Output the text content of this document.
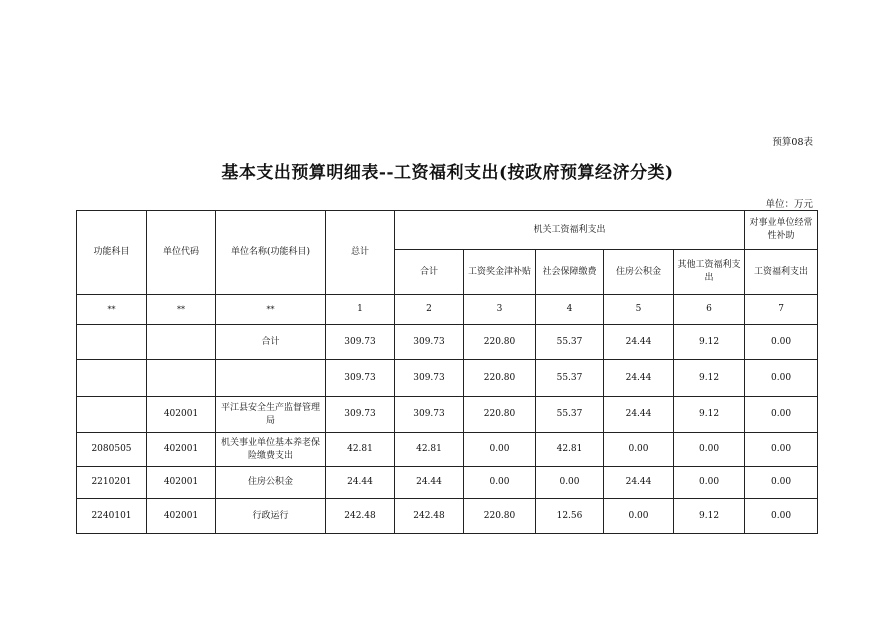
预算08表
基本支出预算明细表--工资福利支出(按政府预算经济分类)
单位：万元
功能科目	单位代码	单位名称(功能科目)	总计	机关工资福利支出					对事业单位经常性补助
				合计	工资奖金津补贴	社会保障缴费	住房公积金	其他工资福利支出	工资福利支出
**	**	**	1	2	3	4	5	6	7
		合计	309.73	309.73	220.80	55.37	24.44	9.12	0.00
			309.73	309.73	220.80	55.37	24.44	9.12	0.00
	402001	平江县安全生产监督管理局	309.73	309.73	220.80	55.37	24.44	9.12	0.00
2080505	402001	机关事业单位基本养老保险缴费支出	42.81	42.81	0.00	42.81	0.00	0.00	0.00
2210201	402001	住房公积金	24.44	24.44	0.00	0.00	24.44	0.00	0.00
2240101	402001	行政运行	242.48	242.48	220.80	12.56	0.00	9.12	0.00
